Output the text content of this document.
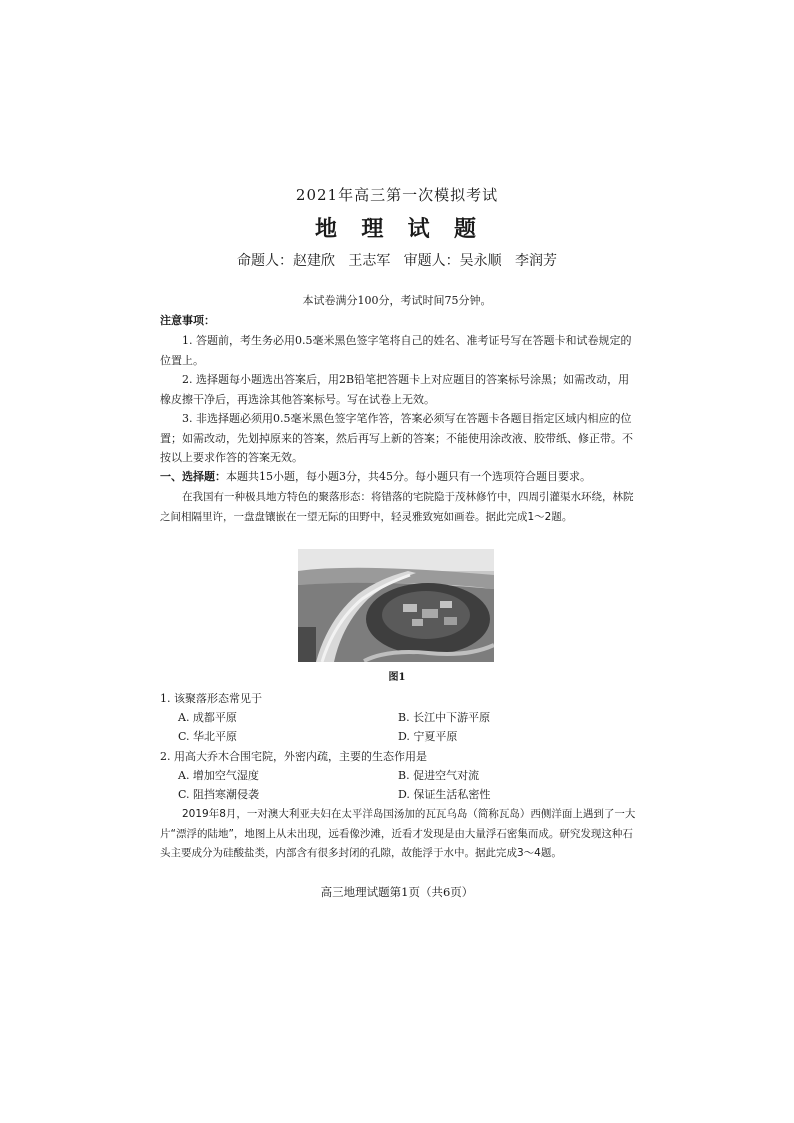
2021年高三第一次模拟考试
地  理  试  题
命题人：赵建欣   王志军   审题人：吴永顺   李润芳
本试卷满分100分，考试时间75分钟。
注意事项：
1. 答题前，考生务必用0.5毫米黑色签字笔将自己的姓名、准考证号写在答题卡和试卷规定的位置上。
2. 选择题每小题选出答案后，用2B铅笔把答题卡上对应题目的答案标号涂黑；如需改动，用橡皮擦干净后，再选涂其他答案标号。写在试卷上无效。
3. 非选择题必须用0.5毫米黑色签字笔作答，答案必须写在答题卡各题目指定区域内相应的位置；如需改动，先划掉原来的答案，然后再写上新的答案；不能使用涂改液、胶带纸、修正带。不按以上要求作答的答案无效。
一、选择题：本题共15小题，每小题3分，共45分。每小题只有一个选项符合题目要求。
在我国有一种极具地方特色的聚落形态：将错落的宅院隐于茂林修竹中，四周引灌渠水环绕，林院之间相隔里许，一盘盘镶嵌在一望无际的田野中，轻灵雅致宛如画卷。据此完成1～2题。
图1
1. 该聚落形态常见于
A. 成都平原	B. 长江中下游平原
C. 华北平原	D. 宁夏平原
2. 用高大乔木合围宅院，外密内疏，主要的生态作用是
A. 增加空气湿度	B. 促进空气对流
C. 阻挡寒潮侵袭	D. 保证生活私密性
2019年8月，一对澳大利亚夫妇在太平洋岛国汤加的瓦瓦乌岛（简称瓦岛）西侧洋面上遇到了一大片“漂浮的陆地”，地图上从未出现，远看像沙滩，近看才发现是由大量浮石密集而成。研究发现这种石头主要成分为硅酸盐类，内部含有很多封闭的孔隙，故能浮于水中。据此完成3～4题。
高三地理试题第1页（共6页）
